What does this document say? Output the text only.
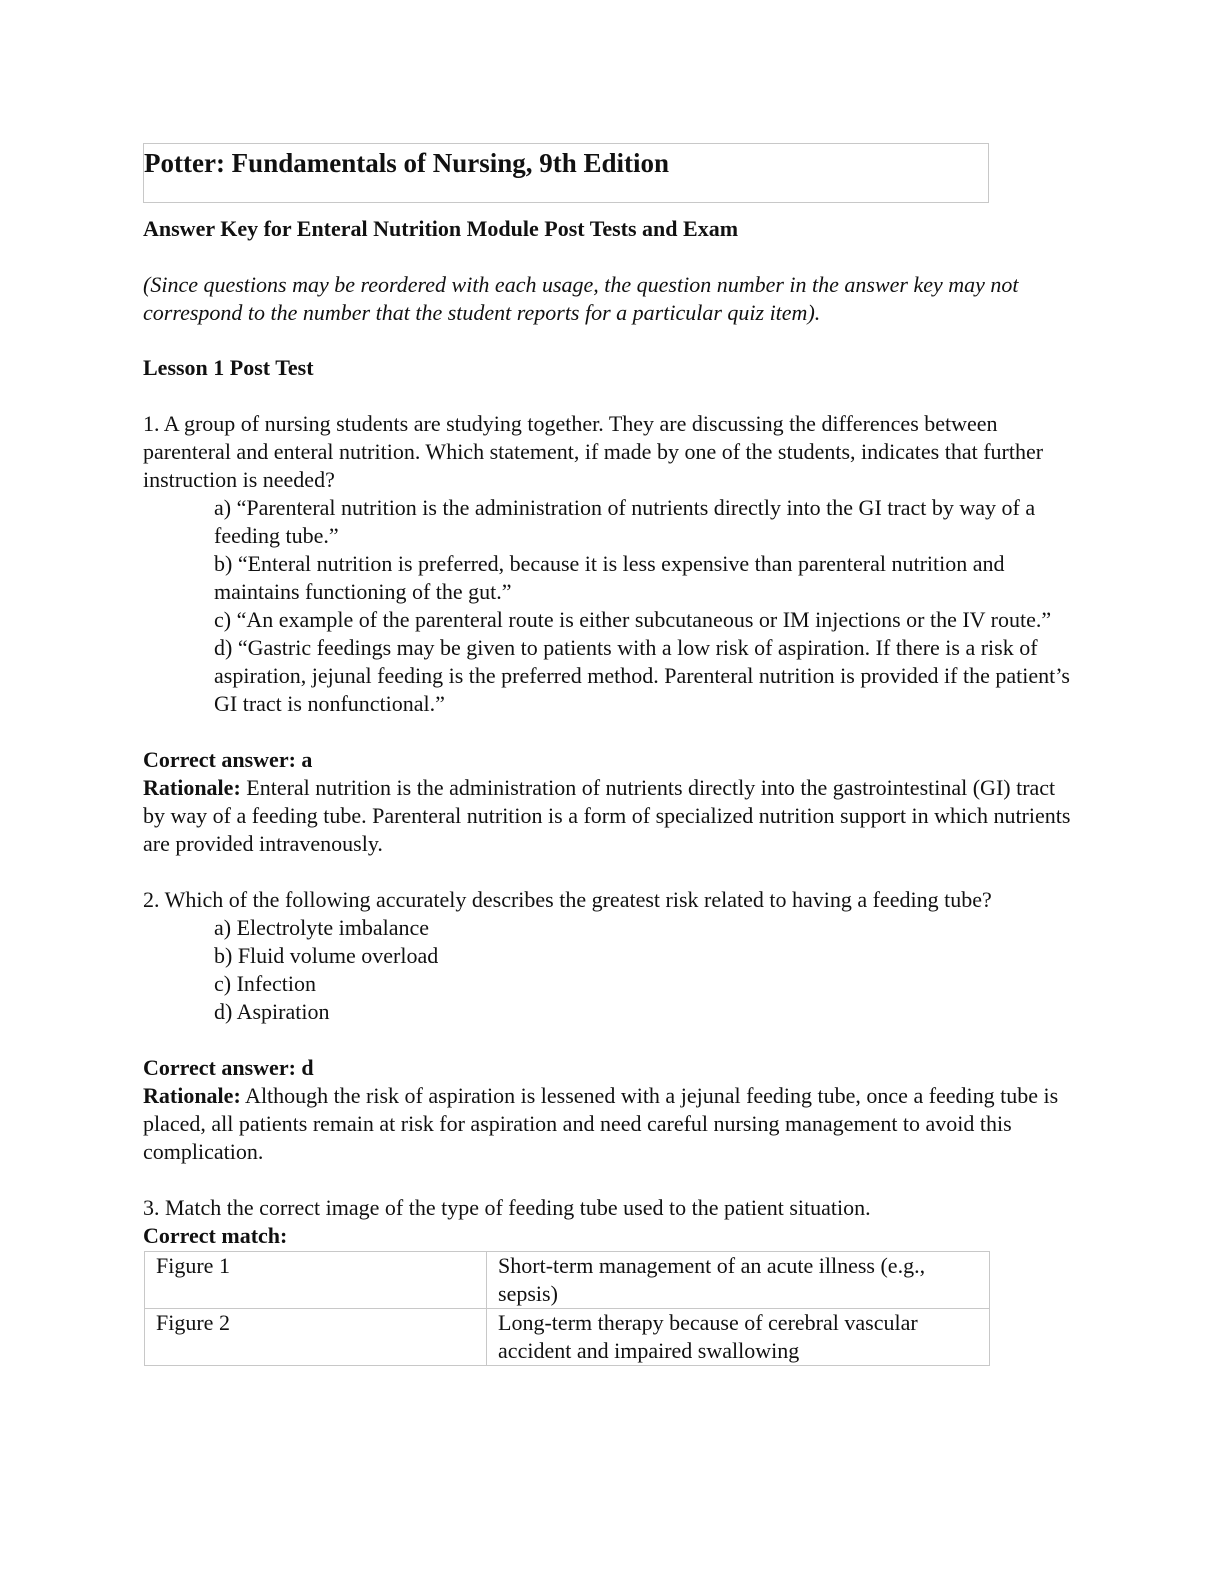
Potter: Fundamentals of Nursing, 9th Edition
Answer Key for Enteral Nutrition Module Post Tests and Exam
(Since questions may be reordered with each usage, the question number in the answer key may not correspond to the number that the student reports for a particular quiz item).
Lesson 1 Post Test
1. A group of nursing students are studying together. They are discussing the differences between parenteral and enteral nutrition. Which statement, if made by one of the students, indicates that further instruction is needed?
a) “Parenteral nutrition is the administration of nutrients directly into the GI tract by way of a feeding tube.”
b) “Enteral nutrition is preferred, because it is less expensive than parenteral nutrition and maintains functioning of the gut.”
c) “An example of the parenteral route is either subcutaneous or IM injections or the IV route.”
d) “Gastric feedings may be given to patients with a low risk of aspiration. If there is a risk of aspiration, jejunal feeding is the preferred method. Parenteral nutrition is provided if the patient’s GI tract is nonfunctional.”
Correct answer: a
Rationale: Enteral nutrition is the administration of nutrients directly into the gastrointestinal (GI) tract by way of a feeding tube. Parenteral nutrition is a form of specialized nutrition support in which nutrients are provided intravenously.
2. Which of the following accurately describes the greatest risk related to having a feeding tube?
a) Electrolyte imbalance
b) Fluid volume overload
c) Infection
d) Aspiration
Correct answer: d
Rationale: Although the risk of aspiration is lessened with a jejunal feeding tube, once a feeding tube is placed, all patients remain at risk for aspiration and need careful nursing management to avoid this complication.
3. Match the correct image of the type of feeding tube used to the patient situation.
Correct match:
Figure 1	Short-term management of an acute illness (e.g., sepsis)
Figure 2	Long-term therapy because of cerebral vascular accident and impaired swallowing
